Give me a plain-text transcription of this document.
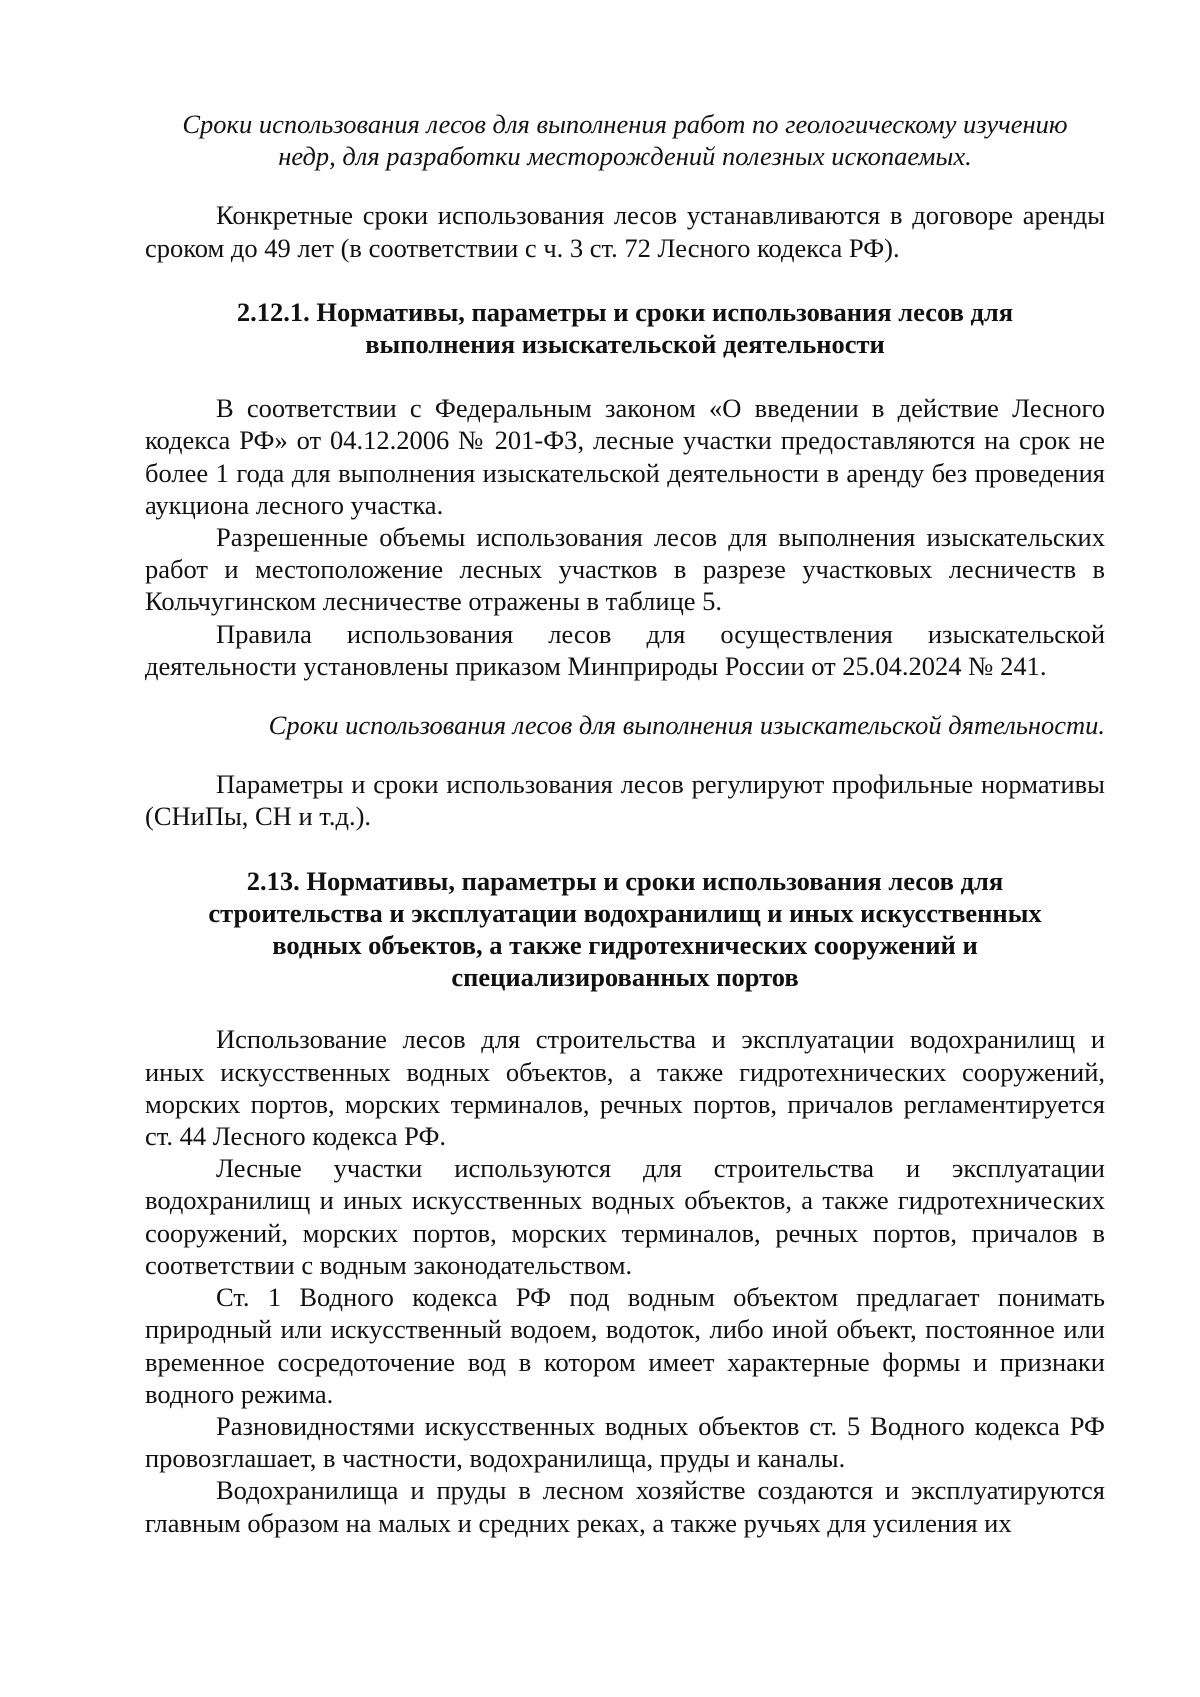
Сроки использования лесов для выполнения работ по геологическому изучению недр, для разработки месторождений полезных ископаемых.

Конкретные сроки использования лесов устанавливаются в договоре аренды сроком до 49 лет (в соответствии с ч. 3 ст. 72 Лесного кодекса РФ).

2.12.1. Нормативы, параметры и сроки использования лесов для выполнения изыскательской деятельности

В соответствии с Федеральным законом «О введении в действие Лесного кодекса РФ» от 04.12.2006 № 201-ФЗ, лесные участки предоставляются на срок не более 1 года для выполнения изыскательской деятельности в аренду без проведения аукциона лесного участка.

Разрешенные объемы использования лесов для выполнения изыскательских работ и местоположение лесных участков в разрезе участковых лесничеств в Кольчугинском лесничестве отражены в таблице 5.

Правила использования лесов для осуществления изыскательской деятельности установлены приказом Минприроды России от 25.04.2024 № 241.

Сроки использования лесов для выполнения изыскательской дятельности.

Параметры и сроки использования лесов регулируют профильные нормативы (СНиПы, СН и т.д.).

2.13. Нормативы, параметры и сроки использования лесов для строительства и эксплуатации водохранилищ и иных искусственных водных объектов, а также гидротехнических сооружений и специализированных портов

Использование лесов для строительства и эксплуатации водохранилищ и иных искусственных водных объектов, а также гидротехнических сооружений, морских портов, морских терминалов, речных портов, причалов регламентируется ст. 44 Лесного кодекса РФ.

Лесные участки используются для строительства и эксплуатации водохранилищ и иных искусственных водных объектов, а также гидротехнических сооружений, морских портов, морских терминалов, речных портов, причалов в соответствии с водным законодательством.

Ст. 1 Водного кодекса РФ под водным объектом предлагает понимать природный или искусственный водоем, водоток, либо иной объект, постоянное или временное сосредоточение вод в котором имеет характерные формы и признаки водного режима.

Разновидностями искусственных водных объектов ст. 5 Водного кодекса РФ провозглашает, в частности, водохранилища, пруды и каналы.

Водохранилища и пруды в лесном хозяйстве создаются и эксплуатируются главным образом на малых и средних реках, а также ручьях для усиления их
